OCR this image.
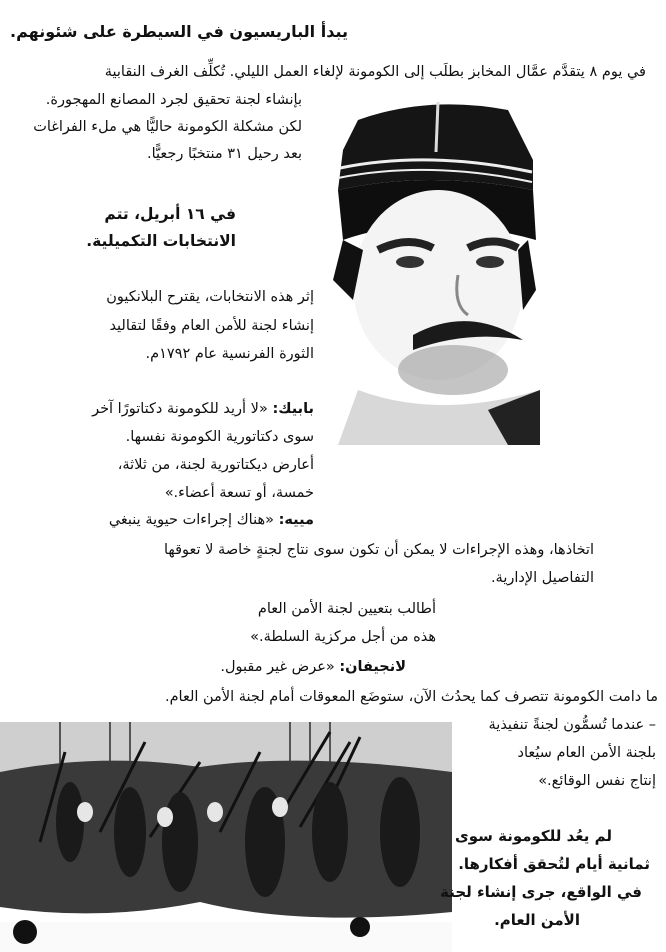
يبدأ الباريسيون في السيطرة على شئونهم.
في يوم ٨ يتقدَّم عمَّال المخابز بطلَب إلى الكومونة لإلغاء العمل الليلي. تُكلِّف الغرف النقابية
بإنشاء لجنة تحقيق لجرد المصانع المهجورة.
لكن مشكلة الكومونة حاليًّا هي ملء الفراغات
بعد رحيل ٣١ منتخبًا رجعيًّا.
في ١٦ أبريل، تتم
الانتخابات التكميلية.
إثر هذه الانتخابات، يقترح البلانكيون
إنشاء لجنة للأمن العام وفقًا لتقاليد
الثورة الفرنسية عام ١٧٩٢م.
بابيك: «لا أريد للكومونة دكتاتورًا آخر
سوى دكتاتورية الكومونة نفسها.
أعارض ديكتاتورية لجنة، من ثلاثة،
خمسة، أو تسعة أعضاء.»
مييه: «هناك إجراءات حيوية ينبغي
اتخاذها، وهذه الإجراءات لا يمكن أن تكون سوى نتاج لجنةٍ خاصة لا تعوقها
التفاصيل الإدارية.
أطالب بتعيين لجنة الأمن العام
هذه من أجل مركزية السلطة.»
لانجيفان: «عرض غير مقبول.
ما دامت الكومونة تتصرف كما يحدُث الآن، ستوضَع المعوقات أمام لجنة الأمن العام.
– عندما تُسمُّون لجنةً تنفيذية
بلجنة الأمن العام سيُعاد
إنتاج نفس الوقائع.»
لم يعُد للكومونة سوى
ثمانية أيام لتُحقق أفكارها.
في الواقع، جرى إنشاء لجنة
الأمن العام.
